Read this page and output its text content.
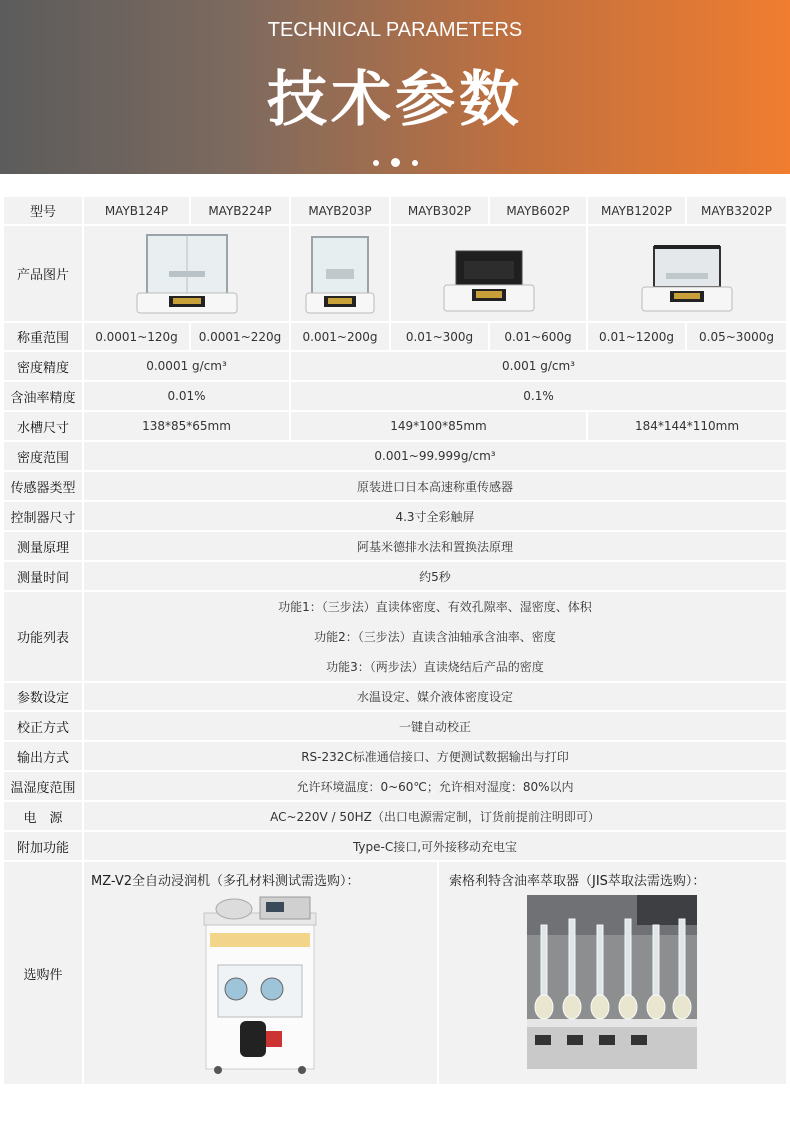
TECHNICAL PARAMETERS
技术参数
型号	MAYB124P	MAYB224P	MAYB203P	MAYB302P	MAYB602P	MAYB1202P	MAYB3202P
产品图片
称重范围	0.0001~120g	0.0001~220g	0.001~200g	0.01~300g	0.01~600g	0.01~1200g	0.05~3000g
密度精度	0.0001 g/cm³	0.001 g/cm³
含油率精度	0.01%	0.1%
水槽尺寸	138*85*65mm	149*100*85mm	184*144*110mm
密度范围	0.001~99.999g/cm³
传感器类型	原装进口日本高速称重传感器
控制器尺寸	4.3寸全彩触屏
测量原理	阿基米德排水法和置换法原理
测量时间	约5秒
功能列表
功能1：（三步法）直读体密度、有效孔隙率、湿密度、体积
功能2：（三步法）直读含油轴承含油率、密度
功能3：（两步法）直读烧结后产品的密度
参数设定	水温设定、媒介液体密度设定
校正方式	一键自动校正
输出方式	RS-232C标准通信接口、方便测试数据输出与打印
温湿度范围	允许环境温度：0~60℃；允许相对湿度：80%以内
电　源	AC~220V / 50HZ（出口电源需定制，订货前提前注明即可）
附加功能	Type-C接口,可外接移动充电宝
选购件
MZ-V2全自动浸润机（多孔材料测试需选购）：	索格利特含油率萃取器（JIS萃取法需选购）：
